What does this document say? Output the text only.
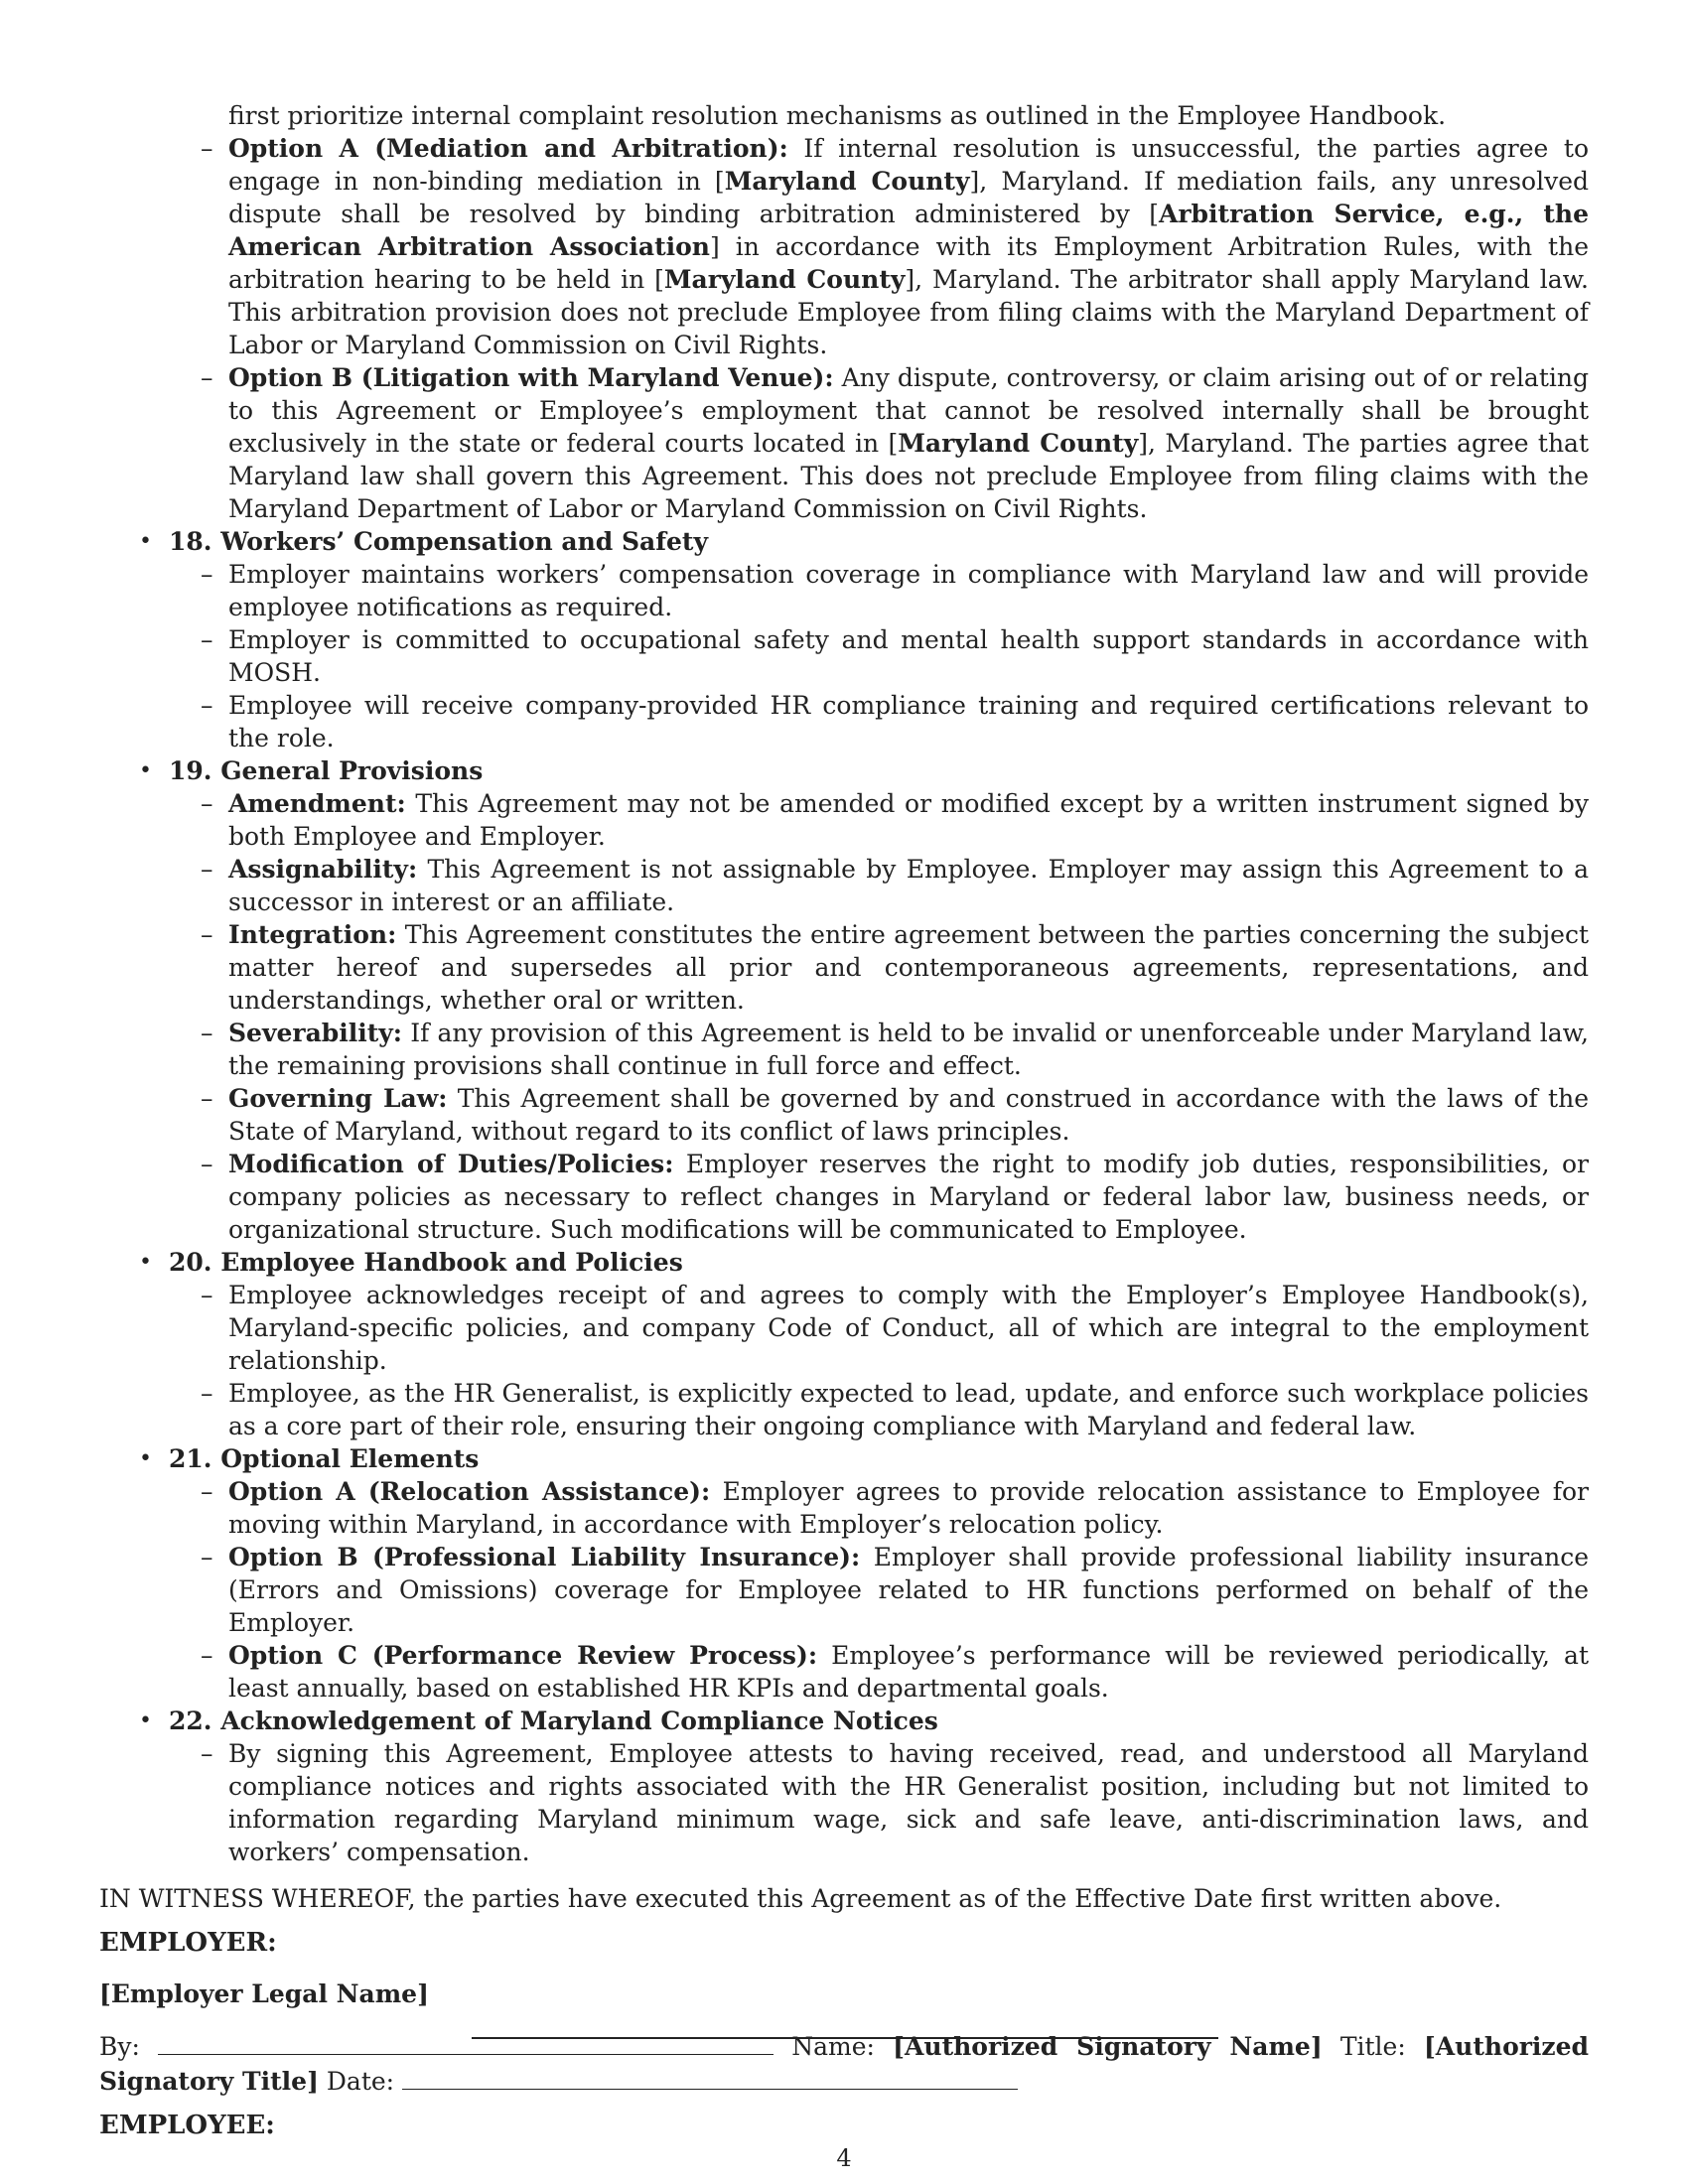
first prioritize internal complaint resolution mechanisms as outlined in the Employee Handbook.
– Option A (Mediation and Arbitration): If internal resolution is unsuccessful, the parties agree to engage in non-binding mediation in [Maryland County], Maryland. If mediation fails, any unresolved dispute shall be resolved by binding arbitration administered by [Arbitration Service, e.g., the American Arbitration Association] in accordance with its Employment Arbitration Rules, with the arbitration hearing to be held in [Maryland County], Maryland. The arbitrator shall apply Maryland law. This arbitration provision does not preclude Employee from filing claims with the Maryland Department of Labor or Maryland Commission on Civil Rights.
– Option B (Litigation with Maryland Venue): Any dispute, controversy, or claim arising out of or relating to this Agreement or Employee’s employment that cannot be resolved internally shall be brought exclusively in the state or federal courts located in [Maryland County], Maryland. The parties agree that Maryland law shall govern this Agreement. This does not preclude Employee from filing claims with the Maryland Department of Labor or Maryland Commission on Civil Rights.
• 18. Workers’ Compensation and Safety
– Employer maintains workers’ compensation coverage in compliance with Maryland law and will provide employee notifications as required.
– Employer is committed to occupational safety and mental health support standards in accordance with MOSH.
– Employee will receive company-provided HR compliance training and required certifications relevant to the role.
• 19. General Provisions
– Amendment: This Agreement may not be amended or modified except by a written instrument signed by both Employee and Employer.
– Assignability: This Agreement is not assignable by Employee. Employer may assign this Agreement to a successor in interest or an affiliate.
– Integration: This Agreement constitutes the entire agreement between the parties concerning the subject matter hereof and supersedes all prior and contemporaneous agreements, representations, and understandings, whether oral or written.
– Severability: If any provision of this Agreement is held to be invalid or unenforceable under Maryland law, the remaining provisions shall continue in full force and effect.
– Governing Law: This Agreement shall be governed by and construed in accordance with the laws of the State of Maryland, without regard to its conflict of laws principles.
– Modification of Duties/Policies: Employer reserves the right to modify job duties, responsibilities, or company policies as necessary to reflect changes in Maryland or federal labor law, business needs, or organizational structure. Such modifications will be communicated to Employee.
• 20. Employee Handbook and Policies
– Employee acknowledges receipt of and agrees to comply with the Employer’s Employee Handbook(s), Maryland-specific policies, and company Code of Conduct, all of which are integral to the employment relationship.
– Employee, as the HR Generalist, is explicitly expected to lead, update, and enforce such workplace policies as a core part of their role, ensuring their ongoing compliance with Maryland and federal law.
• 21. Optional Elements
– Option A (Relocation Assistance): Employer agrees to provide relocation assistance to Employee for moving within Maryland, in accordance with Employer’s relocation policy.
– Option B (Professional Liability Insurance): Employer shall provide professional liability insurance (Errors and Omissions) coverage for Employee related to HR functions performed on behalf of the Employer.
– Option C (Performance Review Process): Employee’s performance will be reviewed periodically, at least annually, based on established HR KPIs and departmental goals.
• 22. Acknowledgement of Maryland Compliance Notices
– By signing this Agreement, Employee attests to having received, read, and understood all Maryland compliance notices and rights associated with the HR Generalist position, including but not limited to information regarding Maryland minimum wage, sick and safe leave, anti-discrimination laws, and workers’ compensation.
IN WITNESS WHEREOF, the parties have executed this Agreement as of the Effective Date first written above.
EMPLOYER:
[Employer Legal Name]
By:	Name: [Authorized Signatory Name] Title: [Authorized Signatory Title] Date:
EMPLOYEE:
4
